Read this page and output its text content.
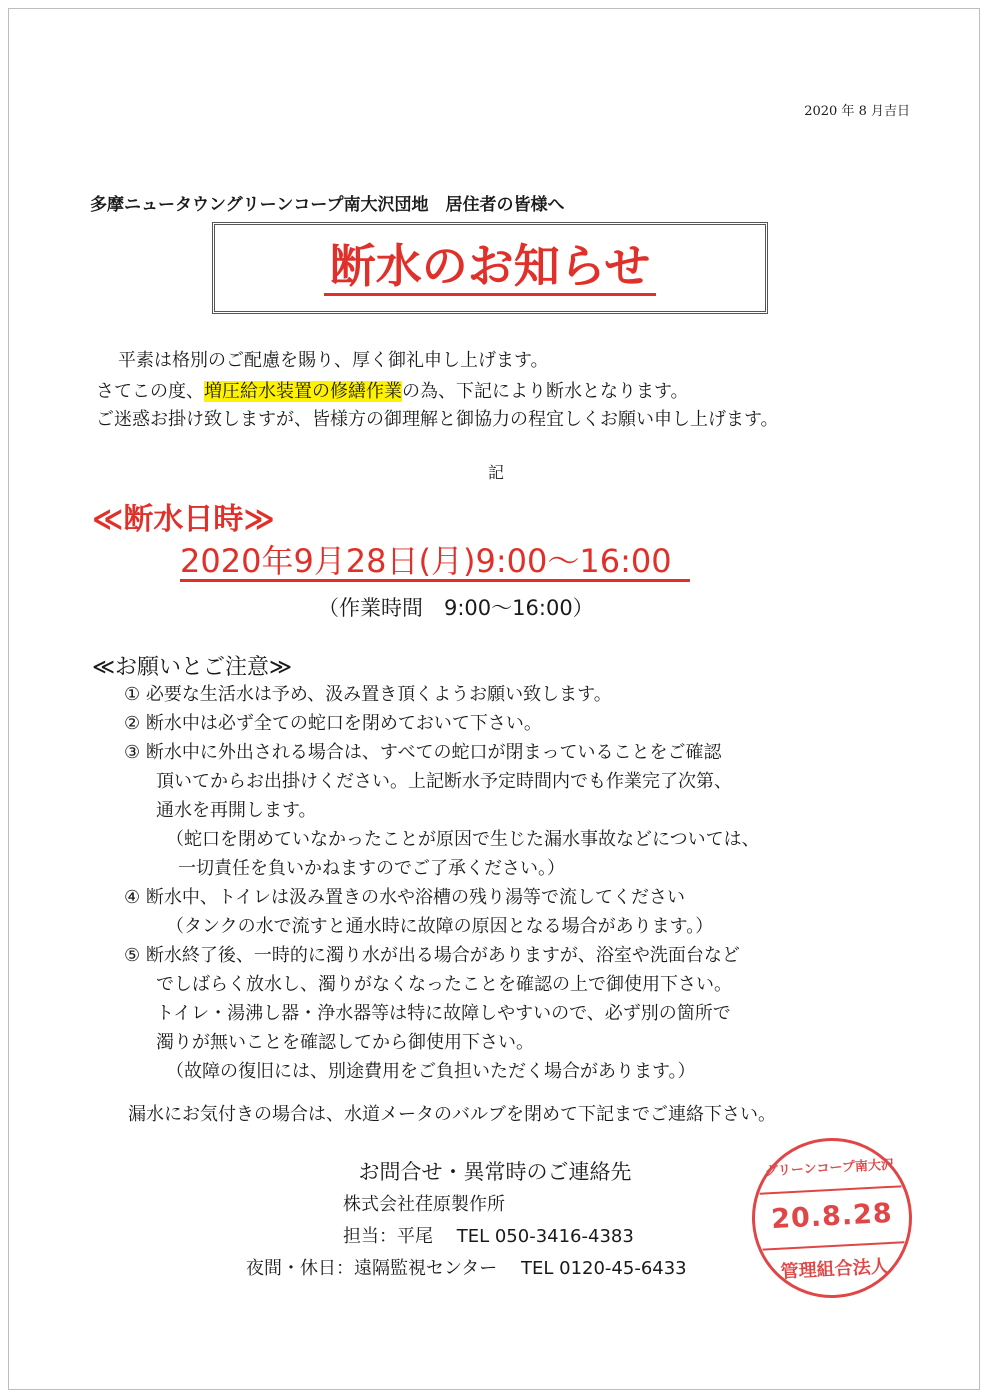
2020 年 8 月吉日
多摩ニュータウングリーンコープ南大沢団地　居住者の皆様へ
断水のお知らせ
平素は格別のご配慮を賜り、厚く御礼申し上げます。
さてこの度、増圧給水装置の修繕作業の為、下記により断水となります。
ご迷惑お掛け致しますが、皆様方の御理解と御協力の程宜しくお願い申し上げます。
記
≪断水日時≫
2020年9月28日(月)9:00～16:00
（作業時間　9:00～16:00）
≪お願いとご注意≫
① 必要な生活水は予め、汲み置き頂くようお願い致します。
② 断水中は必ず全ての蛇口を閉めておいて下さい。
③ 断水中に外出される場合は、すべての蛇口が閉まっていることをご確認
頂いてからお出掛けください。上記断水予定時間内でも作業完了次第、
通水を再開します。
（蛇口を閉めていなかったことが原因で生じた漏水事故などについては、
一切責任を負いかねますのでご了承ください。）
④ 断水中、トイレは汲み置きの水や浴槽の残り湯等で流してください
（タンクの水で流すと通水時に故障の原因となる場合があります。）
⑤ 断水終了後、一時的に濁り水が出る場合がありますが、浴室や洗面台など
でしばらく放水し、濁りがなくなったことを確認の上で御使用下さい。
トイレ・湯沸し器・浄水器等は特に故障しやすいので、必ず別の箇所で
濁りが無いことを確認してから御使用下さい。
（故障の復旧には、別途費用をご負担いただく場合があります。）
漏水にお気付きの場合は、水道メータのバルブを閉めて下記までご連絡下さい。
お問合せ・異常時のご連絡先
株式会社荏原製作所
担当：平尾　 TEL 050-3416-4383
夜間・休日：遠隔監視センター　 TEL 0120-45-6433
グリーンコープ南大沢
20.8.28
管理組合法人
